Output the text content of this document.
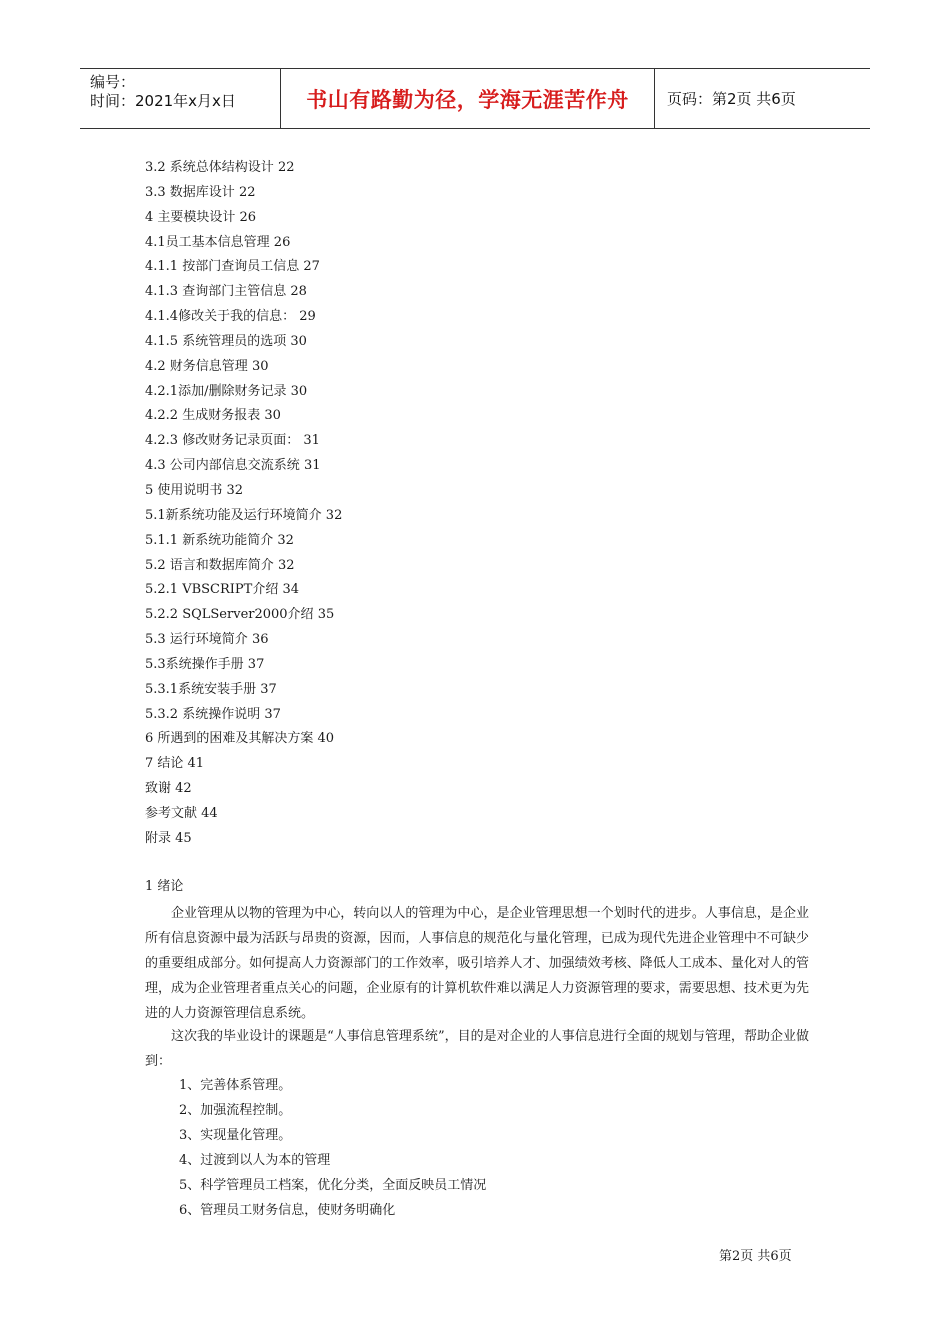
编号：
时间：2021年x月x日	书山有路勤为径，学海无涯苦作舟	页码：第2页 共6页
3.2 系统总体结构设计 22
3.3 数据库设计 22
4 主要模块设计 26
4.1员工基本信息管理 26
4.1.1 按部门查询员工信息 27
4.1.3 查询部门主管信息 28
4.1.4修改关于我的信息： 29
4.1.5 系统管理员的选项 30
4.2 财务信息管理 30
4.2.1添加/删除财务记录 30
4.2.2 生成财务报表 30
4.2.3 修改财务记录页面： 31
4.3 公司内部信息交流系统 31
5 使用说明书 32
5.1新系统功能及运行环境简介 32
5.1.1 新系统功能简介 32
5.2 语言和数据库简介 32
5.2.1 VBSCRIPT介绍 34
5.2.2 SQLServer2000介绍 35
5.3 运行环境简介 36
5.3系统操作手册 37
5.3.1系统安装手册 37
5.3.2 系统操作说明 37
6 所遇到的困难及其解决方案 40
7 结论 41
致谢 42
参考文献 44
附录 45
1 绪论

企业管理从以物的管理为中心，转向以人的管理为中心，是企业管理思想一个划时代的进步。人事信息，是企业所有信息资源中最为活跃与昂贵的资源，因而，人事信息的规范化与量化管理，已成为现代先进企业管理中不可缺少的重要组成部分。如何提高人力资源部门的工作效率，吸引培养人才、加强绩效考核、降低人工成本、量化对人的管理，成为企业管理者重点关心的问题，企业原有的计算机软件难以满足人力资源管理的要求，需要思想、技术更为先进的人力资源管理信息系统。

这次我的毕业设计的课题是“人事信息管理系统”，目的是对企业的人事信息进行全面的规划与管理，帮助企业做到：

1、完善体系管理。
2、加强流程控制。
3、实现量化管理。
4、过渡到以人为本的管理
5、科学管理员工档案，优化分类，全面反映员工情况
6、管理员工财务信息，使财务明确化
第2页 共6页
